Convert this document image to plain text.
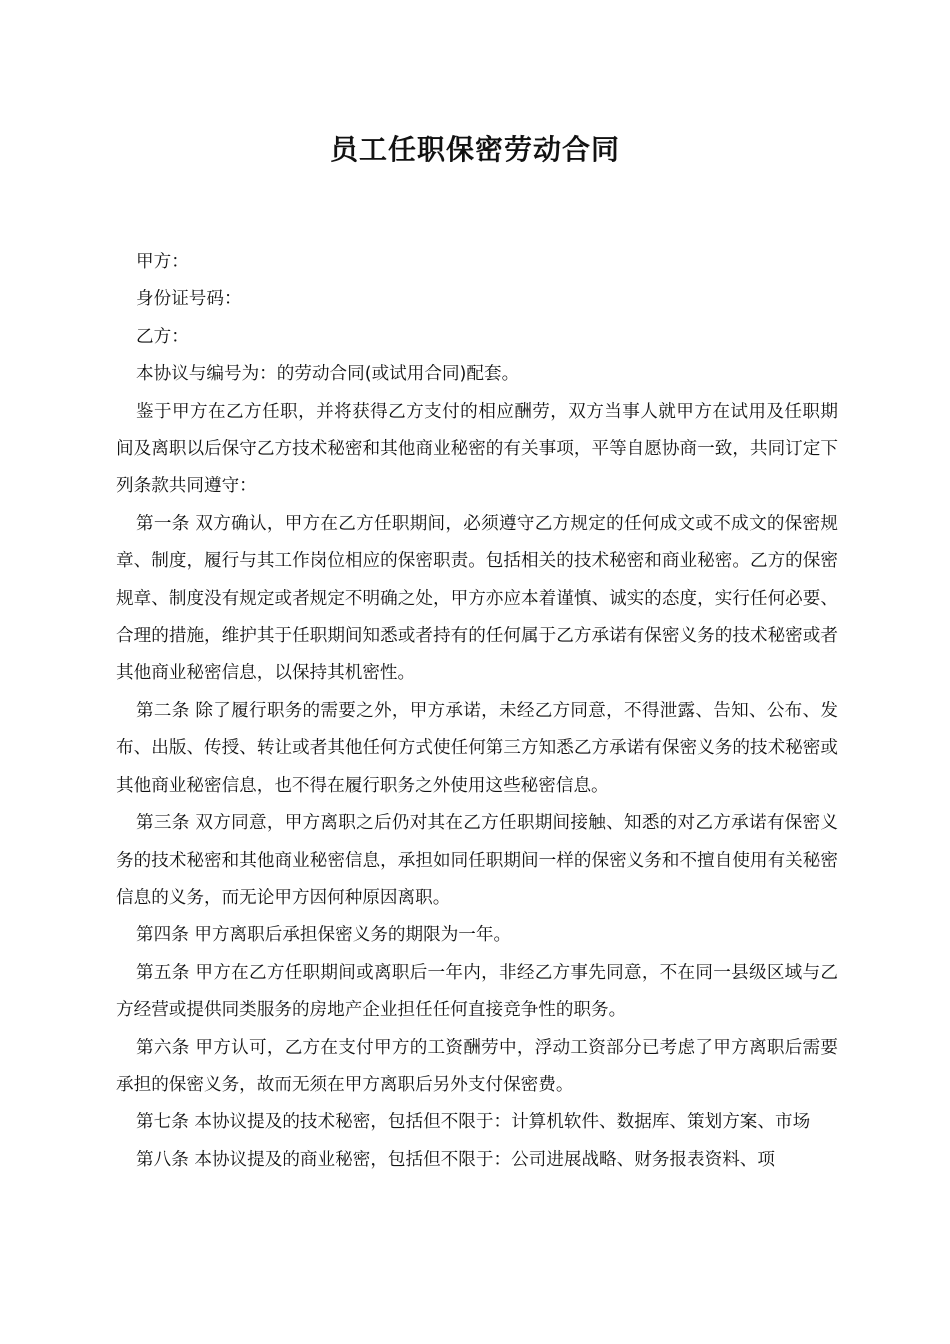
员工任职保密劳动合同

甲方：

身份证号码：

乙方：

本协议与编号为：的劳动合同(或试用合同)配套。

鉴于甲方在乙方任职，并将获得乙方支付的相应酬劳，双方当事人就甲方在试用及任职期间及离职以后保守乙方技术秘密和其他商业秘密的有关事项，平等自愿协商一致，共同订定下列条款共同遵守：

第一条 双方确认，甲方在乙方任职期间，必须遵守乙方规定的任何成文或不成文的保密规章、制度，履行与其工作岗位相应的保密职责。包括相关的技术秘密和商业秘密。乙方的保密规章、制度没有规定或者规定不明确之处，甲方亦应本着谨慎、诚实的态度，实行任何必要、合理的措施，维护其于任职期间知悉或者持有的任何属于乙方承诺有保密义务的技术秘密或者其他商业秘密信息，以保持其机密性。

第二条 除了履行职务的需要之外，甲方承诺，未经乙方同意，不得泄露、告知、公布、发布、出版、传授、转让或者其他任何方式使任何第三方知悉乙方承诺有保密义务的技术秘密或其他商业秘密信息，也不得在履行职务之外使用这些秘密信息。

第三条 双方同意，甲方离职之后仍对其在乙方任职期间接触、知悉的对乙方承诺有保密义务的技术秘密和其他商业秘密信息，承担如同任职期间一样的保密义务和不擅自使用有关秘密信息的义务，而无论甲方因何种原因离职。

第四条 甲方离职后承担保密义务的期限为一年。

第五条 甲方在乙方任职期间或离职后一年内，非经乙方事先同意，不在同一县级区域与乙方经营或提供同类服务的房地产企业担任任何直接竞争性的职务。

第六条 甲方认可，乙方在支付甲方的工资酬劳中，浮动工资部分已考虑了甲方离职后需要承担的保密义务，故而无须在甲方离职后另外支付保密费。

第七条 本协议提及的技术秘密，包括但不限于：计算机软件、数据库、策划方案、市场

第八条 本协议提及的商业秘密，包括但不限于：公司进展战略、财务报表资料、项
